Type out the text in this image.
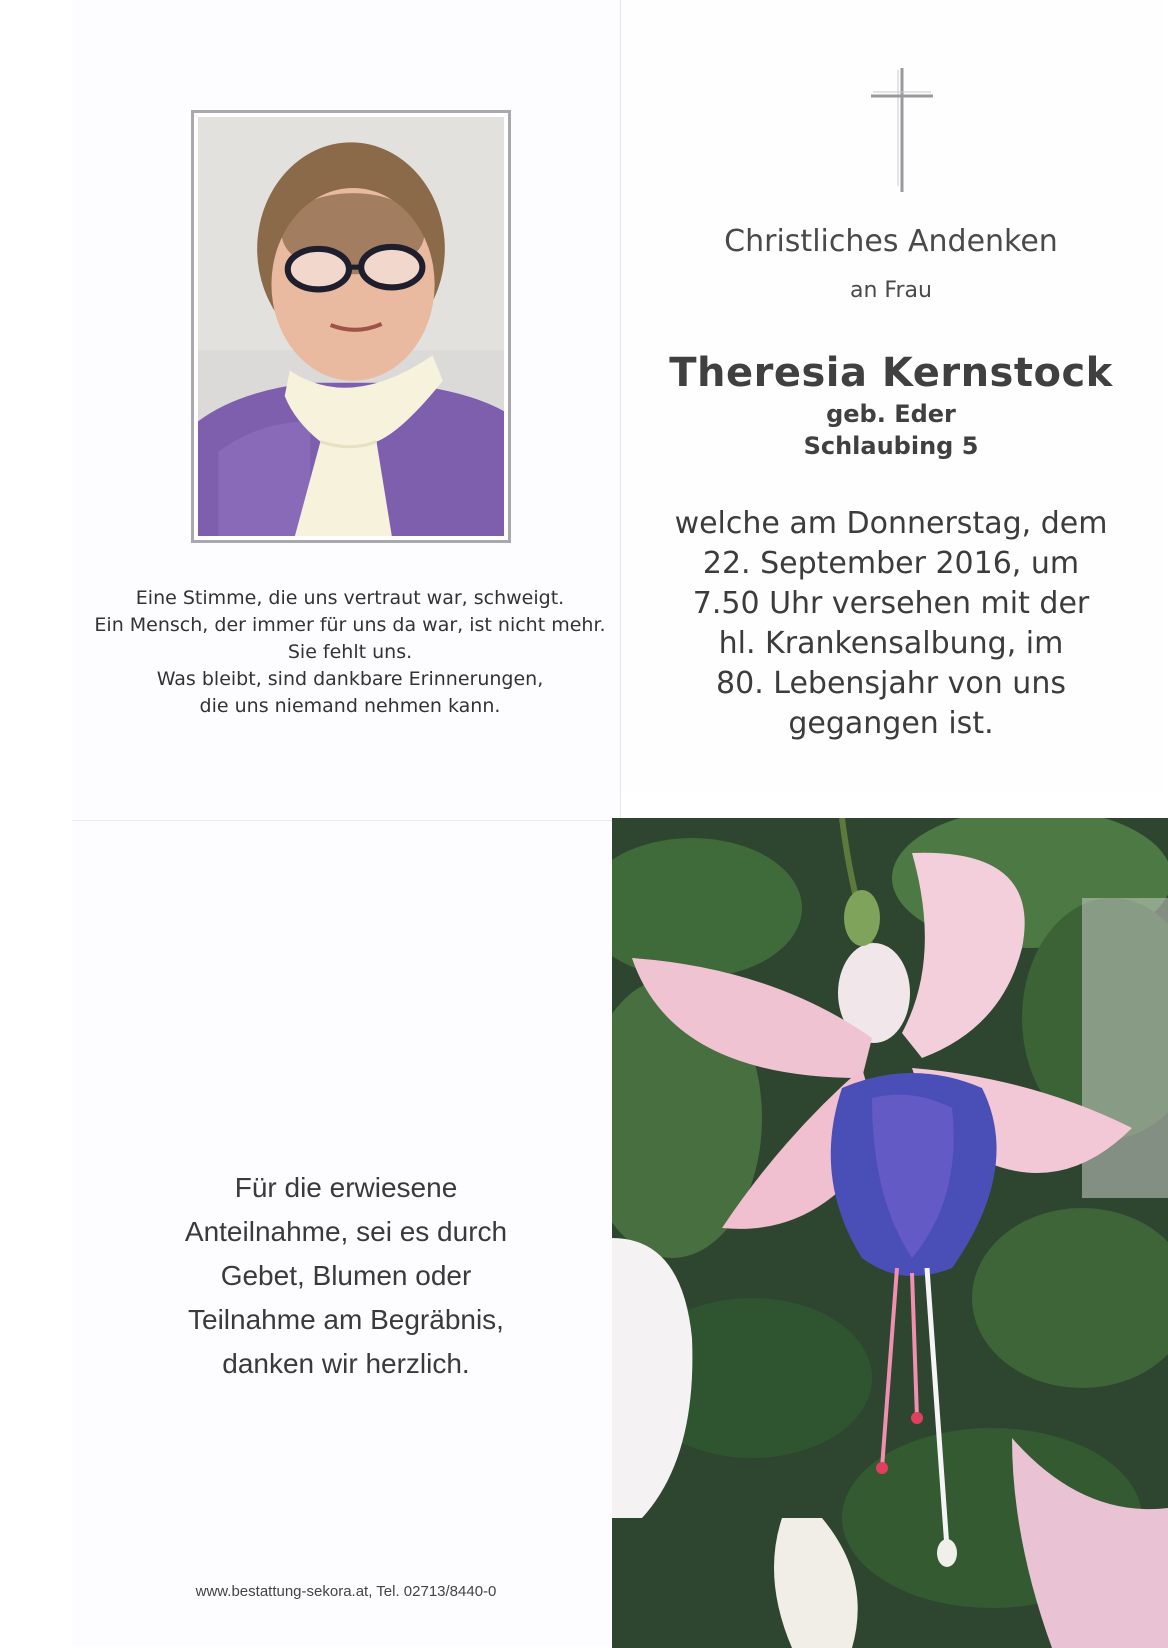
Eine Stimme, die uns vertraut war, schweigt.
Ein Mensch, der immer für uns da war, ist nicht mehr.
Sie fehlt uns.
Was bleibt, sind dankbare Erinnerungen,
die uns niemand nehmen kann.
Christliches Andenken
an Frau
Theresia Kernstock
geb. Eder
Schlaubing 5
welche am Donnerstag, dem
22. September 2016, um
7.50 Uhr versehen mit der
hl. Krankensalbung, im
80. Lebensjahr von uns
gegangen ist.
Für die erwiesene
Anteilnahme, sei es durch
Gebet, Blumen oder
Teilnahme am Begräbnis,
danken wir herzlich.
www.bestattung-sekora.at, Tel. 02713/8440-0
